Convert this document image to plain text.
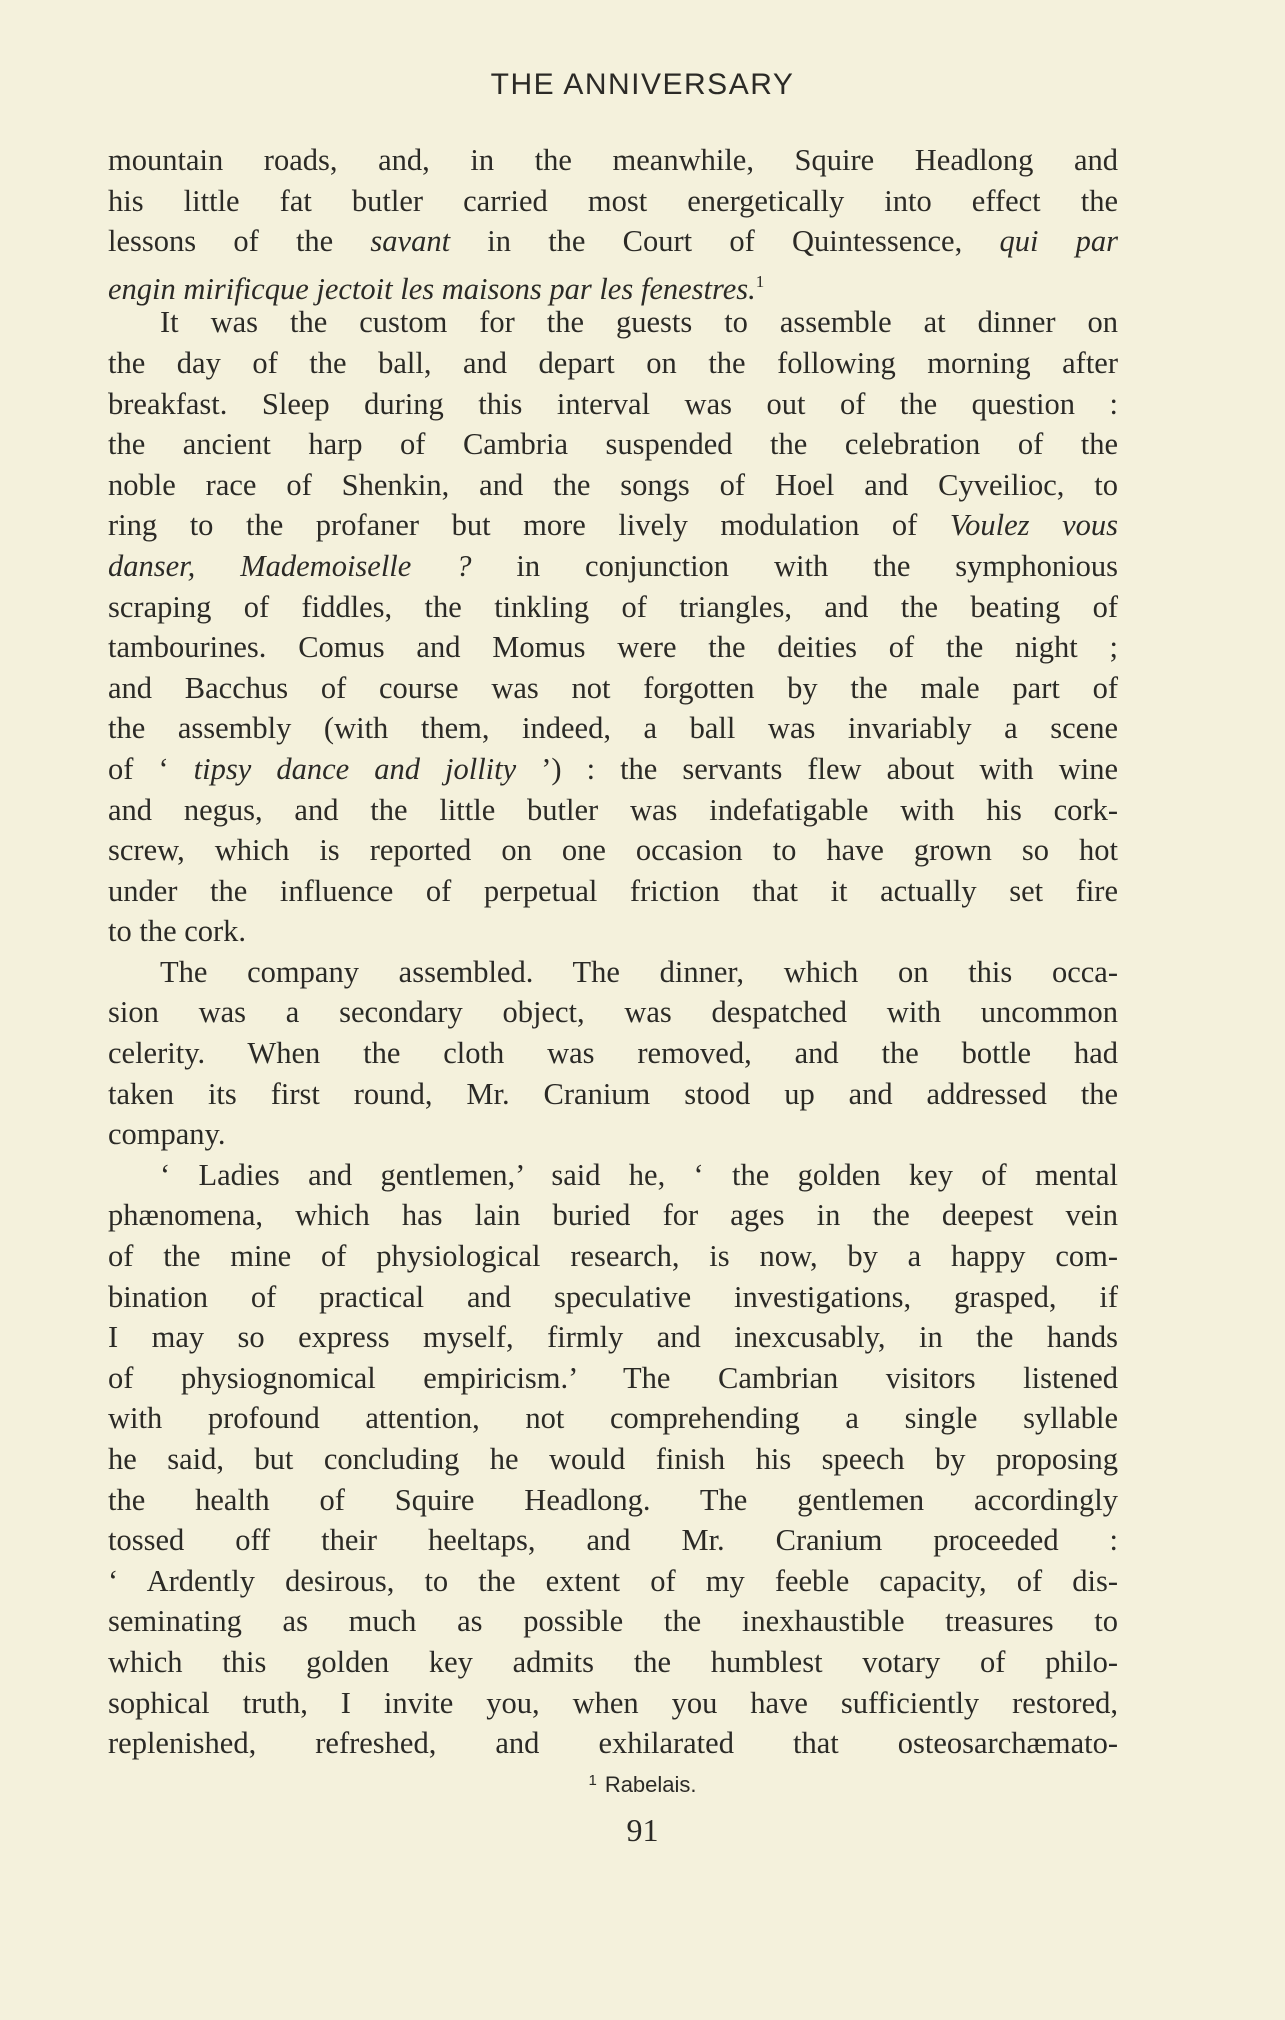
THE ANNIVERSARY
mountain roads, and, in the meanwhile, Squire Headlong and
his little fat butler carried most energetically into effect the
lessons of the savant in the Court of Quintessence, qui par
engin mirificque jectoit les maisons par les fenestres.$^1$
It was the custom for the guests to assemble at dinner on
the day of the ball, and depart on the following morning after
breakfast. Sleep during this interval was out of the question :
the ancient harp of Cambria suspended the celebration of the
noble race of Shenkin, and the songs of Hoel and Cyveilioc, to
ring to the profaner but more lively modulation of Voulez vous
danser, Mademoiselle ? in conjunction with the symphonious
scraping of fiddles, the tinkling of triangles, and the beating of
tambourines. Comus and Momus were the deities of the night ;
and Bacchus of course was not forgotten by the male part of
the assembly (with them, indeed, a ball was invariably a scene
of ‘ tipsy dance and jollity ’) : the servants flew about with wine
and negus, and the little butler was indefatigable with his cork-
screw, which is reported on one occasion to have grown so hot
under the influence of perpetual friction that it actually set fire
to the cork.
The company assembled. The dinner, which on this occa-
sion was a secondary object, was despatched with uncommon
celerity. When the cloth was removed, and the bottle had
taken its first round, Mr. Cranium stood up and addressed the
company.
‘ Ladies and gentlemen,’ said he, ‘ the golden key of mental
phænomena, which has lain buried for ages in the deepest vein
of the mine of physiological research, is now, by a happy com-
bination of practical and speculative investigations, grasped, if
I may so express myself, firmly and inexcusably, in the hands
of physiognomical empiricism.’ The Cambrian visitors listened
with profound attention, not comprehending a single syllable
he said, but concluding he would finish his speech by proposing
the health of Squire Headlong. The gentlemen accordingly
tossed off their heeltaps, and Mr. Cranium proceeded :
‘ Ardently desirous, to the extent of my feeble capacity, of dis-
seminating as much as possible the inexhaustible treasures to
which this golden key admits the humblest votary of philo-
sophical truth, I invite you, when you have sufficiently restored,
replenished, refreshed, and exhilarated that osteosarchæmato-
$^1$ Rabelais.
91
